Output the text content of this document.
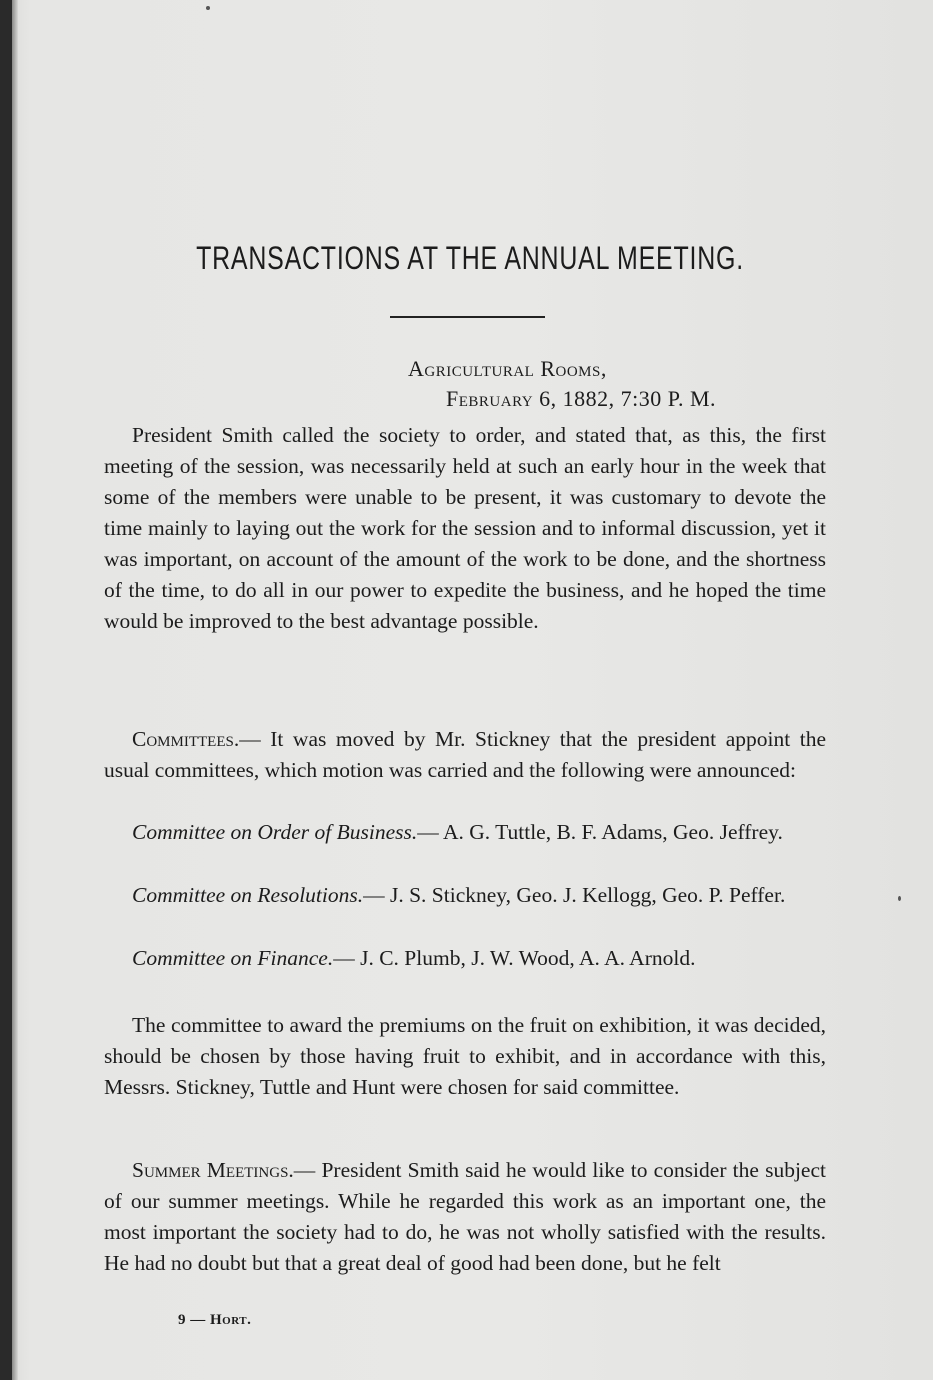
TRANSACTIONS AT THE ANNUAL MEETING.
Agricultural Rooms,
February 6, 1882, 7:30 P. M.

President Smith called the society to order, and stated that, as this, the first meeting of the session, was necessarily held at such an early hour in the week that some of the members were unable to be present, it was customary to devote the time mainly to laying out the work for the session and to informal discussion, yet it was important, on account of the amount of the work to be done, and the shortness of the time, to do all in our power to expedite the business, and he hoped the time would be improved to the best advantage possible.

Committees.— It was moved by Mr. Stickney that the president appoint the usual committees, which motion was carried and the following were announced:

Committee on Order of Business.— A. G. Tuttle, B. F. Adams, Geo. Jeffrey.

Committee on Resolutions.— J. S. Stickney, Geo. J. Kellogg, Geo. P. Peffer.

Committee on Finance.— J. C. Plumb, J. W. Wood, A. A. Arnold.

The committee to award the premiums on the fruit on exhibition, it was decided, should be chosen by those having fruit to exhibit, and in accordance with this, Messrs. Stickney, Tuttle and Hunt were chosen for said committee.

Summer Meetings.— President Smith said he would like to consider the subject of our summer meetings. While he regarded this work as an important one, the most important the society had to do, he was not wholly satisfied with the results. He had no doubt but that a great deal of good had been done, but he felt

9 — Hort.
